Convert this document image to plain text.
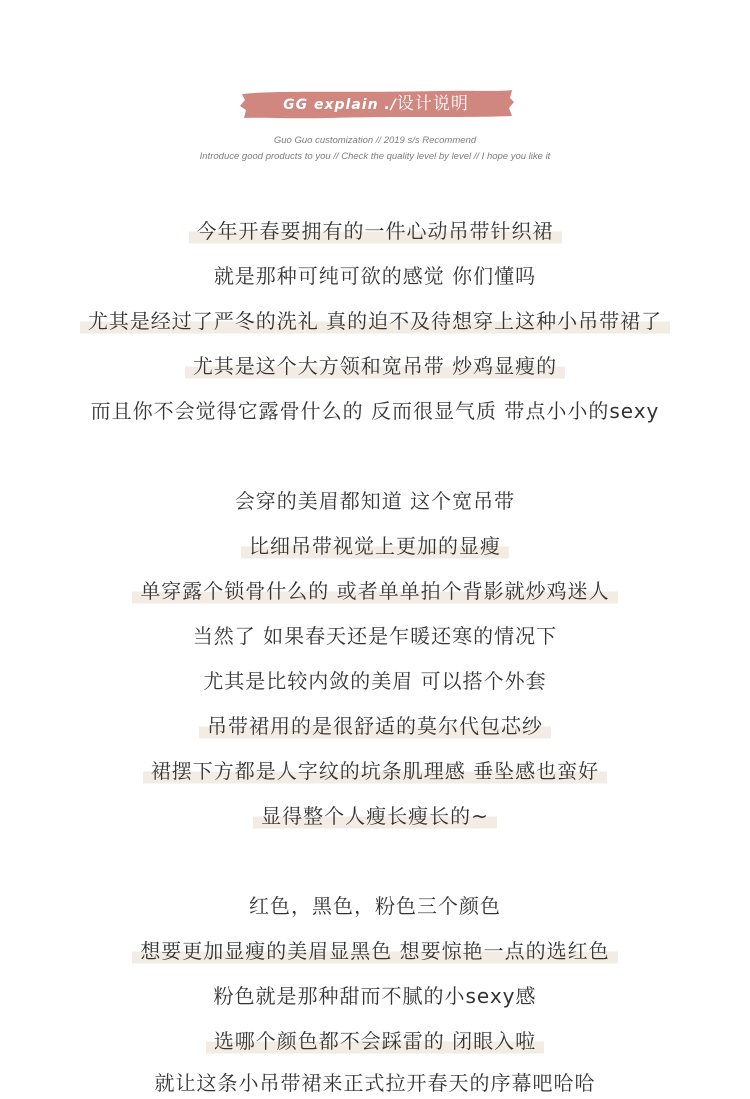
GG explain ./设计说明
Guo Guo customization // 2019 s/s Recommend
Introduce good products to you // Check the quality level by level // I hope you like it
今年开春要拥有的一件心动吊带针织裙
就是那种可纯可欲的感觉 你们懂吗
尤其是经过了严冬的洗礼 真的迫不及待想穿上这种小吊带裙了
尤其是这个大方领和宽吊带 炒鸡显瘦的
而且你不会觉得它露骨什么的 反而很显气质 带点小小的sexy
会穿的美眉都知道 这个宽吊带
比细吊带视觉上更加的显瘦
单穿露个锁骨什么的 或者单单拍个背影就炒鸡迷人
当然了 如果春天还是乍暖还寒的情况下
尤其是比较内敛的美眉 可以搭个外套
吊带裙用的是很舒适的莫尔代包芯纱
裙摆下方都是人字纹的坑条肌理感 垂坠感也蛮好
显得整个人瘦长瘦长的~
红色，黑色，粉色三个颜色
想要更加显瘦的美眉显黑色 想要惊艳一点的选红色
粉色就是那种甜而不腻的小sexy感
选哪个颜色都不会踩雷的 闭眼入啦
就让这条小吊带裙来正式拉开春天的序幕吧哈哈
